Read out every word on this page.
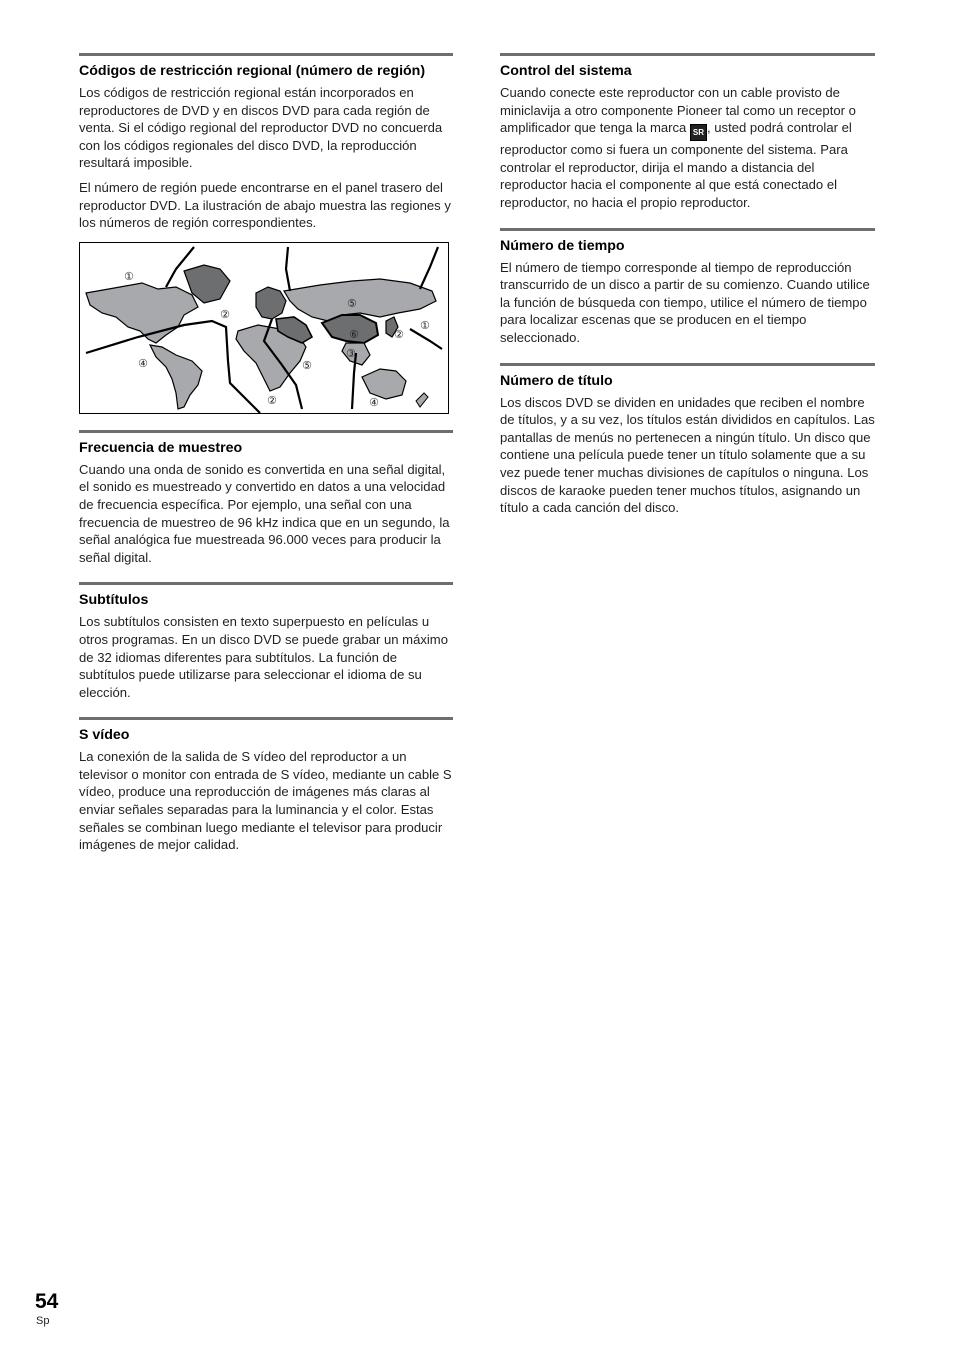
Códigos de restricción regional (número de región)

Los códigos de restricción regional están incorporados en reproductores de DVD y en discos DVD para cada región de venta. Si el código regional del reproductor DVD no concuerda con los códigos regionales del disco DVD, la reproducción resultará imposible.

El número de región puede encontrarse en el panel trasero del reproductor DVD. La ilustración de abajo muestra las regiones y los números de región correspondientes.

①
②
④
⑤
⑥
③
②
①
⑤
②	④
Frecuencia de muestreo

Cuando una onda de sonido es convertida en una señal digital, el sonido es muestreado y convertido en datos a una velocidad de frecuencia específica. Por ejemplo, una señal con una frecuencia de muestreo de 96 kHz indica que en un segundo, la señal analógica fue muestreada 96.000 veces para producir la señal digital.

Subtítulos

Los subtítulos consisten en texto superpuesto en películas u otros programas. En un disco DVD se puede grabar un máximo de 32 idiomas diferentes para subtítulos. La función de subtítulos puede utilizarse para seleccionar el idioma de su elección.

S vídeo

La conexión de la salida de S vídeo del reproductor a un televisor o monitor con entrada de S vídeo, mediante un cable S vídeo, produce una reproducción de imágenes más claras al enviar señales separadas para la luminancia y el color. Estas señales se combinan luego mediante el televisor para producir imágenes de mejor calidad.

Control del sistema

Cuando conecte este reproductor con un cable provisto de miniclavija a otro componente Pioneer tal como un receptor o amplificador que tenga la marca SR , usted podrá controlar el reproductor como si fuera un componente del sistema. Para controlar el reproductor, dirija el mando a distancia del reproductor hacia el componente al que está conectado el reproductor, no hacia el propio reproductor.

Número de tiempo

El número de tiempo corresponde al tiempo de reproducción transcurrido de un disco a partir de su comienzo. Cuando utilice la función de búsqueda con tiempo, utilice el número de tiempo para localizar escenas que se producen en el tiempo seleccionado.

Número de título

Los discos DVD se dividen en unidades que reciben el nombre de títulos, y a su vez, los títulos están divididos en capítulos. Las pantallas de menús no pertenecen a ningún título. Un disco que contiene una película puede tener un título solamente que a su vez puede tener muchas divisiones de capítulos o ninguna. Los discos de karaoke pueden tener muchos títulos, asignando un título a cada canción del disco.

54
Sp
